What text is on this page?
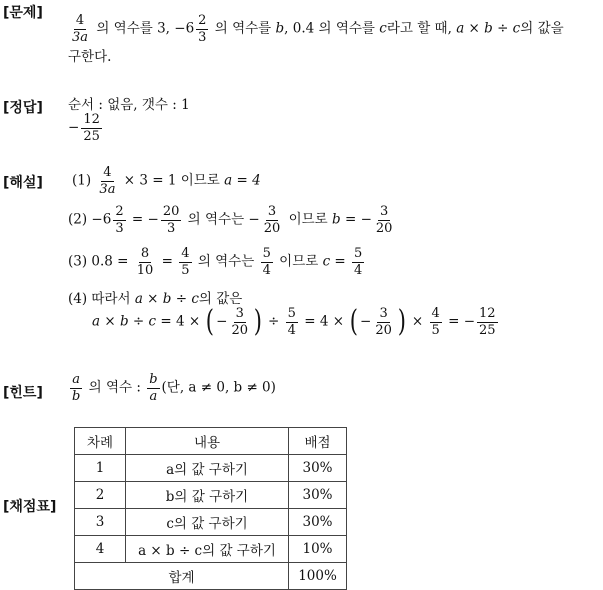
[문제]
[정답]
[해설]
[힌트]
[채점표]
$\frac{4}{3a}$ 의 역수를 3, $-6 \frac{2}{3}$ 의 역수를 b, 0.4 의 역수를 c라고 할 때, a × b ÷ c의 값을
구한다.
순서 : 없음, 갯수 : 1
− $\frac{12}{25}$
$(1) \frac{4}{3a} \times 3 = 1$ 이므로 a = 4
$(2) -6 \frac{2}{3}$ = − $\frac{20}{3}$ 의 역수는 − $\frac{3}{20}$ 이므로 b = − $\frac{3}{20}$
(3) $0.8 = \frac{8}{10} = \frac{4}{5}$ 의 역수는 $\frac{5}{4}$ 이므로 $c = \frac{5}{4}$
(4) 따라서 a × b ÷ c의 값은
a × b ÷ c = 4 × ( − $\frac{3}{20}$ ) ÷ $\frac{5}{4} = 4$ × ( − $\frac{3}{20}$ ) × $\frac{4}{5}$ = − $\frac{12}{25}$
$\frac{a}{b}$ 의 역수 : $\frac{b}{a}$ (단, a ≠ 0, b ≠ 0)
차례	내용	배점
1	a의 값 구하기	30%
2	b의 값 구하기	30%
3	c의 값 구하기	30%
4	a × b ÷ c의 값 구하기	10%
합계		100%
